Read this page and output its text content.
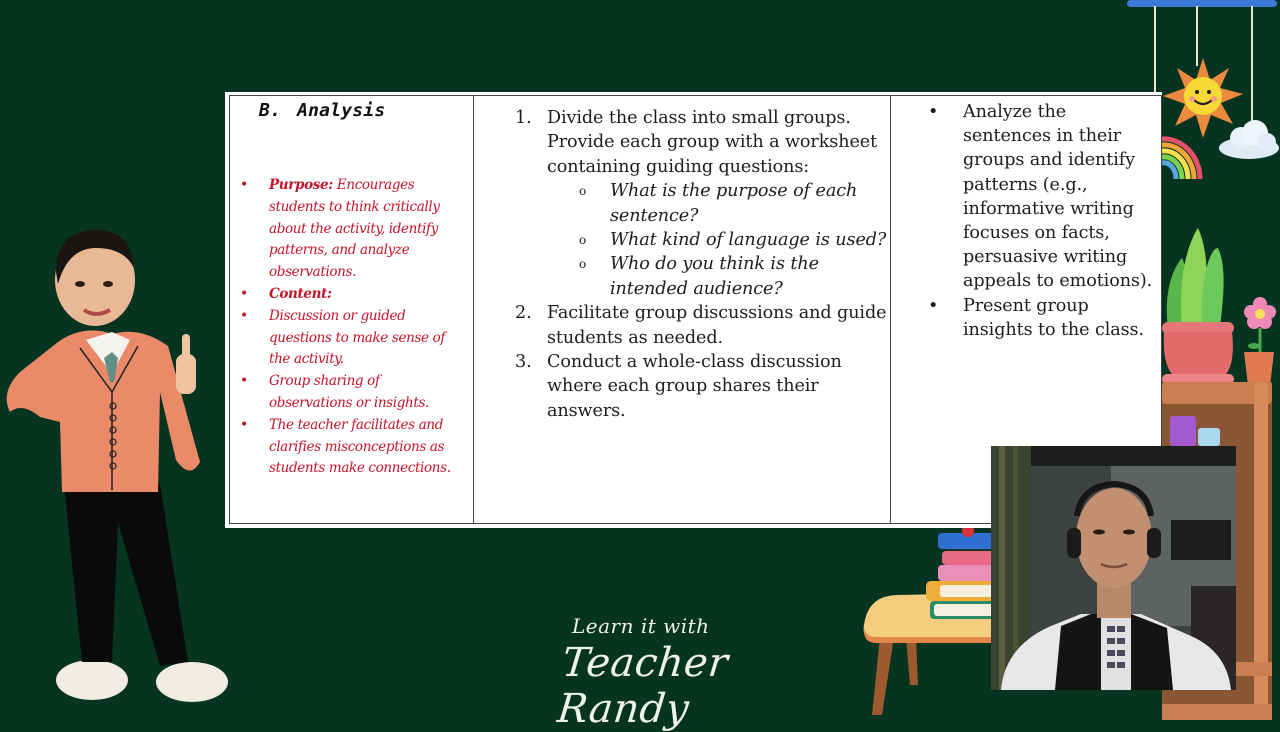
B. Analysis
• Purpose: Encourages students to think critically about the activity, identify patterns, and analyze observations.
• Content:
• Discussion or guided questions to make sense of the activity.
• Group sharing of observations or insights.
• The teacher facilitates and clarifies misconceptions as students make connections.
1. Divide the class into small groups. Provide each group with a worksheet containing guiding questions:
o What is the purpose of each sentence?
o What kind of language is used?
o Who do you think is the intended audience?
2. Facilitate group discussions and guide students as needed.
3. Conduct a whole-class discussion where each group shares their answers.
• Analyze the sentences in their groups and identify patterns (e.g., informative writing focuses on facts, persuasive writing appeals to emotions).
• Present group insights to the class.
Learn it with
Teacher Randy
